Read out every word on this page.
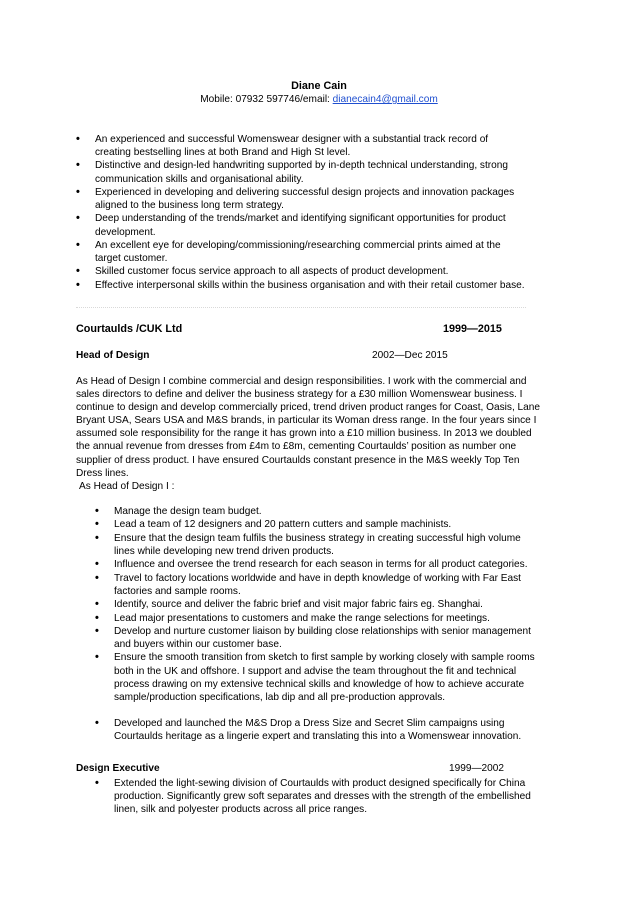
Diane Cain
Mobile: 07932 597746/email: dianecain4@gmail.com
• An experienced and successful Womenswear designer with a substantial track record of creating bestselling lines at both Brand and High St level.
• Distinctive and design-led handwriting supported by in-depth technical understanding, strong communication skills and organisational ability.
• Experienced in developing and delivering successful design projects and innovation packages aligned to the business long term strategy.
• Deep understanding of the trends/market and identifying significant opportunities for product development.
• An excellent eye for developing/commissioning/researching commercial prints aimed at the target customer.
• Skilled customer focus service approach to all aspects of product development.
• Effective interpersonal skills within the business organisation and with their retail customer base.
Courtaulds /CUK Ltd	1999—2015
Head of Design	2002—Dec 2015
As Head of Design I combine commercial and design responsibilities. I work with the commercial and sales directors to define and deliver the business strategy for a £30 million Womenswear business. I continue to design and develop commercially priced, trend driven product ranges for Coast, Oasis, Lane Bryant USA, Sears USA and M&S brands, in particular its Woman dress range. In the four years since I assumed sole responsibility for the range it has grown into a £10 million business. In 2013 we doubled the annual revenue from dresses from £4m to £8m, cementing Courtaulds’ position as number one supplier of dress product. I have ensured Courtaulds constant presence in the M&S weekly Top Ten Dress lines.
As Head of Design I :
• Manage the design team budget.
• Lead a team of 12 designers and 20 pattern cutters and sample machinists.
• Ensure that the design team fulfils the business strategy in creating successful high volume lines while developing new trend driven products.
• Influence and oversee the trend research for each season in terms for all product categories.
• Travel to factory locations worldwide and have in depth knowledge of working with Far East factories and sample rooms.
• Identify, source and deliver the fabric brief and visit major fabric fairs eg. Shanghai.
• Lead major presentations to customers and make the range selections for meetings.
• Develop and nurture customer liaison by building close relationships with senior management and buyers within our customer base.
• Ensure the smooth transition from sketch to first sample by working closely with sample rooms both in the UK and offshore. I support and advise the team throughout the fit and technical process drawing on my extensive technical skills and knowledge of how to achieve accurate sample/production specifications, lab dip and all pre-production approvals.
• Developed and launched the M&S Drop a Dress Size and Secret Slim campaigns using Courtaulds heritage as a lingerie expert and translating this into a Womenswear innovation.
Design Executive	1999—2002
• Extended the light-sewing division of Courtaulds with product designed specifically for China production. Significantly grew soft separates and dresses with the strength of the embellished linen, silk and polyester products across all price ranges.
